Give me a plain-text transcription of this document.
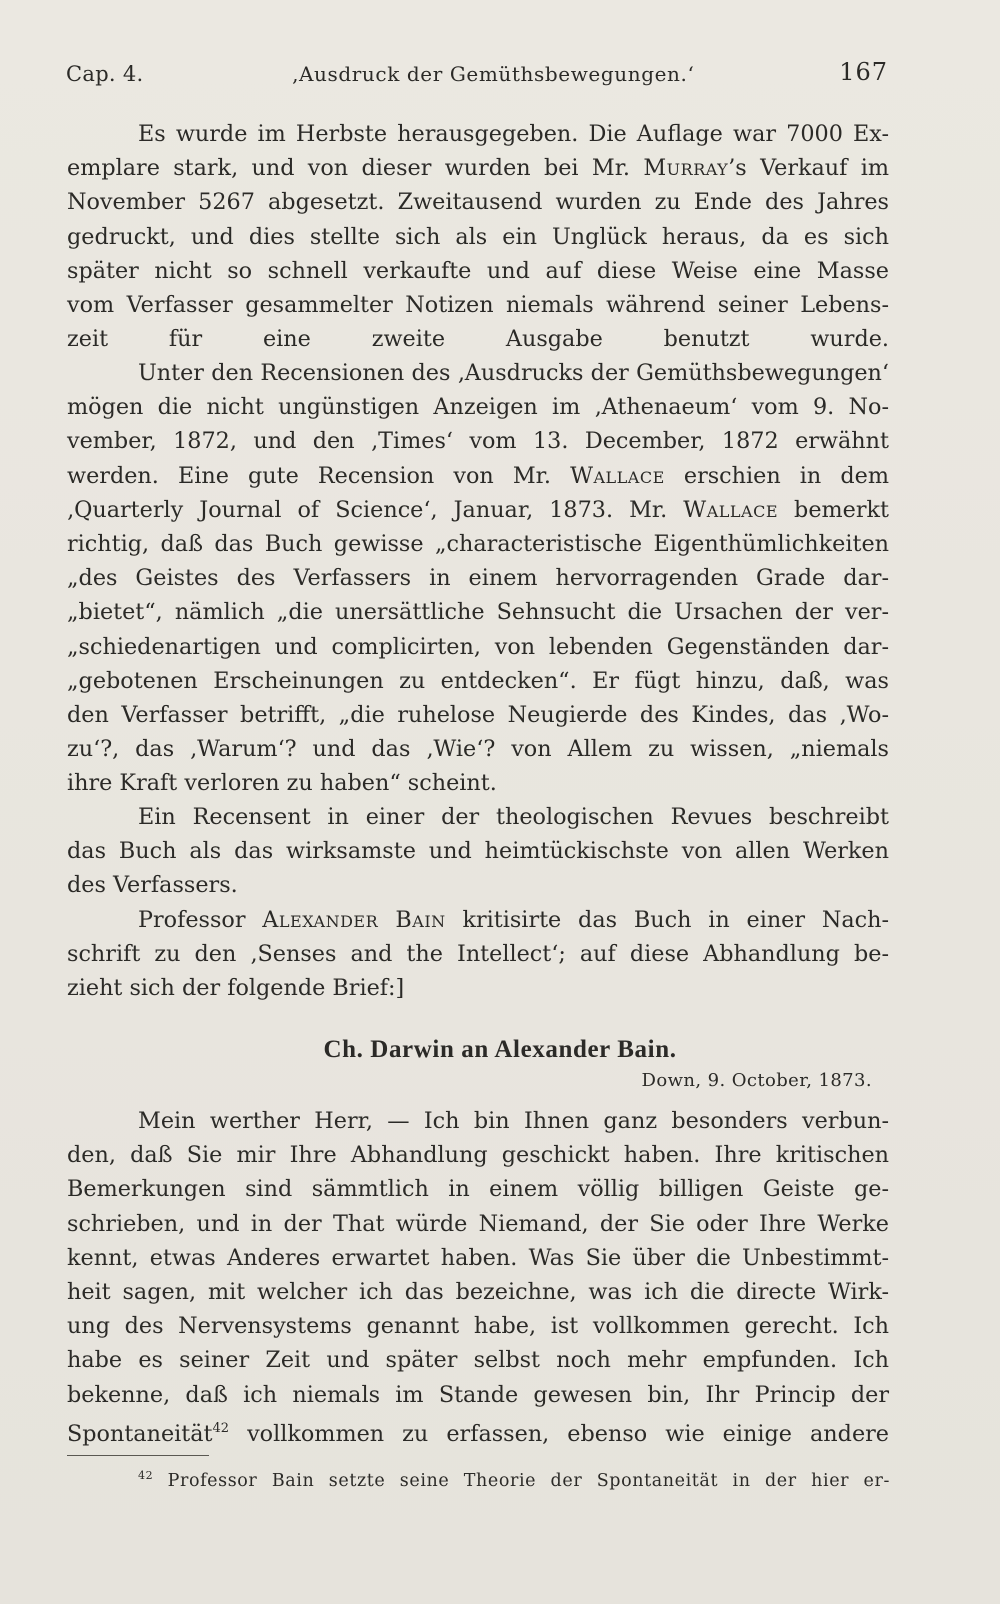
Cap. 4.	‚Ausdruck der Gemüthsbewegungen.‘	167
Es wurde im Herbste herausgegeben. Die Auflage war 7000 Ex-
emplare stark, und von dieser wurden bei Mr. Murray’s Verkauf im
November 5267 abgesetzt. Zweitausend wurden zu Ende des Jahres
gedruckt, und dies stellte sich als ein Unglück heraus, da es sich
später nicht so schnell verkaufte und auf diese Weise eine Masse
vom Verfasser gesammelter Notizen niemals während seiner Lebens-
zeit für eine zweite Ausgabe benutzt wurde.
Unter den Recensionen des ‚Ausdrucks der Gemüthsbewegungen‘
mögen die nicht ungünstigen Anzeigen im ‚Athenaeum‘ vom 9. No-
vember, 1872, und den ‚Times‘ vom 13. December, 1872 erwähnt
werden. Eine gute Recension von Mr. Wallace erschien in dem
‚Quarterly Journal of Science‘, Januar, 1873. Mr. Wallace bemerkt
richtig, daß das Buch gewisse „characteristische Eigenthümlichkeiten
„des Geistes des Verfassers in einem hervorragenden Grade dar-
„bietet“, nämlich „die unersättliche Sehnsucht die Ursachen der ver-
„schiedenartigen und complicirten, von lebenden Gegenständen dar-
„gebotenen Erscheinungen zu entdecken“. Er fügt hinzu, daß, was
den Verfasser betrifft, „die ruhelose Neugierde des Kindes, das ‚Wo-
zu‘?, das ‚Warum‘? und das ‚Wie‘? von Allem zu wissen, „niemals
ihre Kraft verloren zu haben“ scheint.
Ein Recensent in einer der theologischen Revues beschreibt
das Buch als das wirksamste und heimtückischste von allen Werken
des Verfassers.
Professor Alexander Bain kritisirte das Buch in einer Nach-
schrift zu den ‚Senses and the Intellect‘; auf diese Abhandlung be-
zieht sich der folgende Brief:]
Ch. Darwin an Alexander Bain.
Down, 9. October, 1873.
Mein werther Herr, — Ich bin Ihnen ganz besonders verbun-
den, daß Sie mir Ihre Abhandlung geschickt haben. Ihre kritischen
Bemerkungen sind sämmtlich in einem völlig billigen Geiste ge-
schrieben, und in der That würde Niemand, der Sie oder Ihre Werke
kennt, etwas Anderes erwartet haben. Was Sie über die Unbestimmt-
heit sagen, mit welcher ich das bezeichne, was ich die directe Wirk-
ung des Nervensystems genannt habe, ist vollkommen gerecht. Ich
habe es seiner Zeit und später selbst noch mehr empfunden. Ich
bekenne, daß ich niemals im Stande gewesen bin, Ihr Princip der
Spontaneität$^{42}$ vollkommen zu erfassen, ebenso wie einige andere
$^{42}$ Professor Bain setzte seine Theorie der Spontaneität in der hier er-
